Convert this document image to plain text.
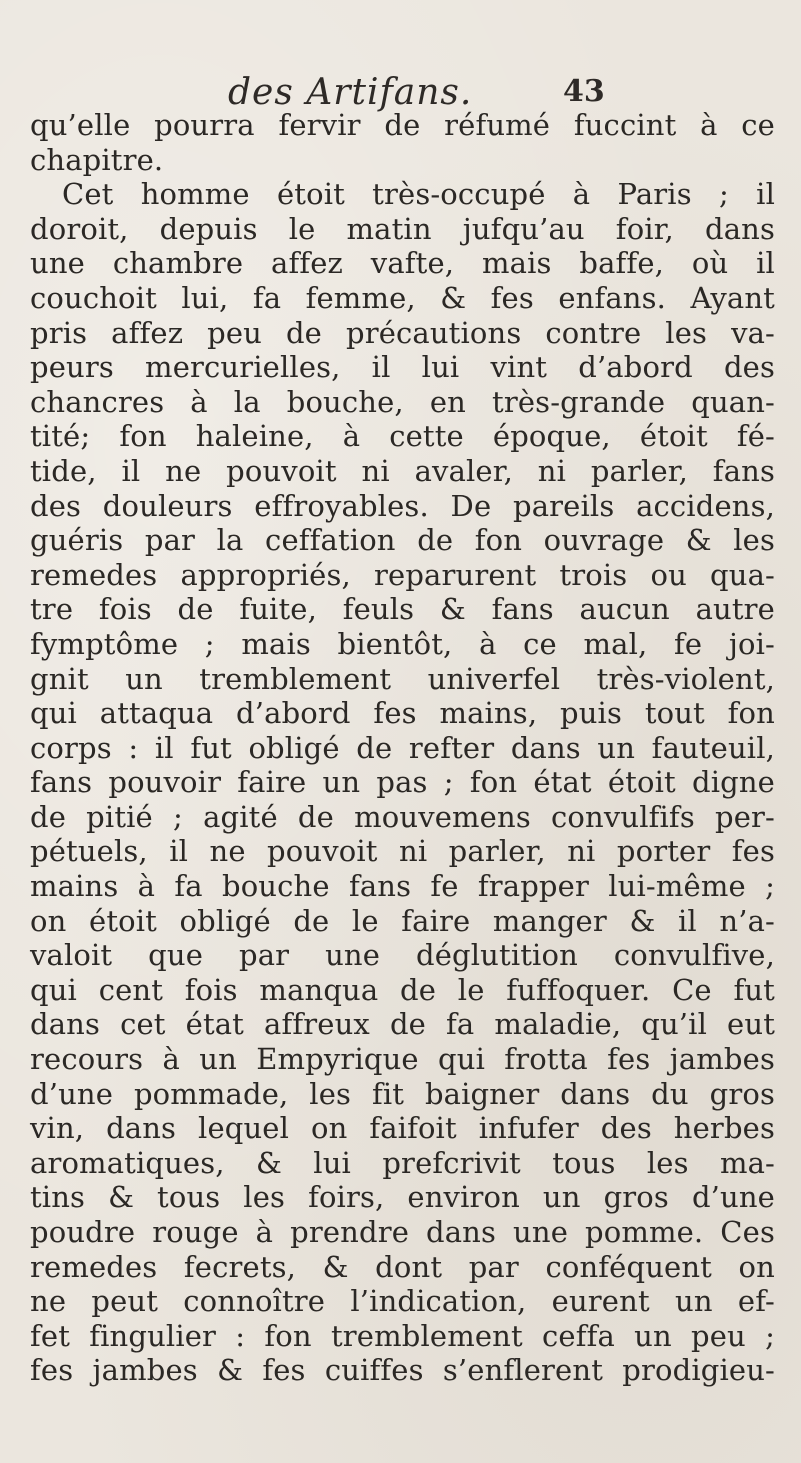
des Artifans.	43
qu’elle pourra fervir de réfumé fuccint à ce
chapitre.
Cet homme étoit très-occupé à Paris ; il
doroit, depuis le matin jufqu’au foir, dans
une chambre affez vafte, mais baffe, où il
couchoit lui, fa femme, & fes enfans. Ayant
pris affez peu de précautions contre les va-
peurs mercurielles, il lui vint d’abord des
chancres à la bouche, en très-grande quan-
tité; fon haleine, à cette époque, étoit fé-
tide, il ne pouvoit ni avaler, ni parler, fans
des douleurs effroyables. De pareils accidens,
guéris par la ceffation de fon ouvrage & les
remedes appropriés, reparurent trois ou qua-
tre fois de fuite, feuls & fans aucun autre
fymptôme ; mais bientôt, à ce mal, fe joi-
gnit un tremblement univerfel très-violent,
qui attaqua d’abord fes mains, puis tout fon
corps : il fut obligé de refter dans un fauteuil,
fans pouvoir faire un pas ; fon état étoit digne
de pitié ; agité de mouvemens convulfifs per-
pétuels, il ne pouvoit ni parler, ni porter fes
mains à fa bouche fans fe frapper lui-même ;
on étoit obligé de le faire manger & il n’a-
valoit que par une déglutition convulfive,
qui cent fois manqua de le fuffoquer. Ce fut
dans cet état affreux de fa maladie, qu’il eut
recours à un Empyrique qui frotta fes jambes
d’une pommade, les fit baigner dans du gros
vin, dans lequel on faifoit infufer des herbes
aromatiques, & lui prefcrivit tous les ma-
tins & tous les foirs, environ un gros d’une
poudre rouge à prendre dans une pomme. Ces
remedes fecrets, & dont par conféquent on
ne peut connoître l’indication, eurent un ef-
fet fingulier : fon tremblement ceffa un peu ;
fes jambes & fes cuiffes s’enflerent prodigieu-
